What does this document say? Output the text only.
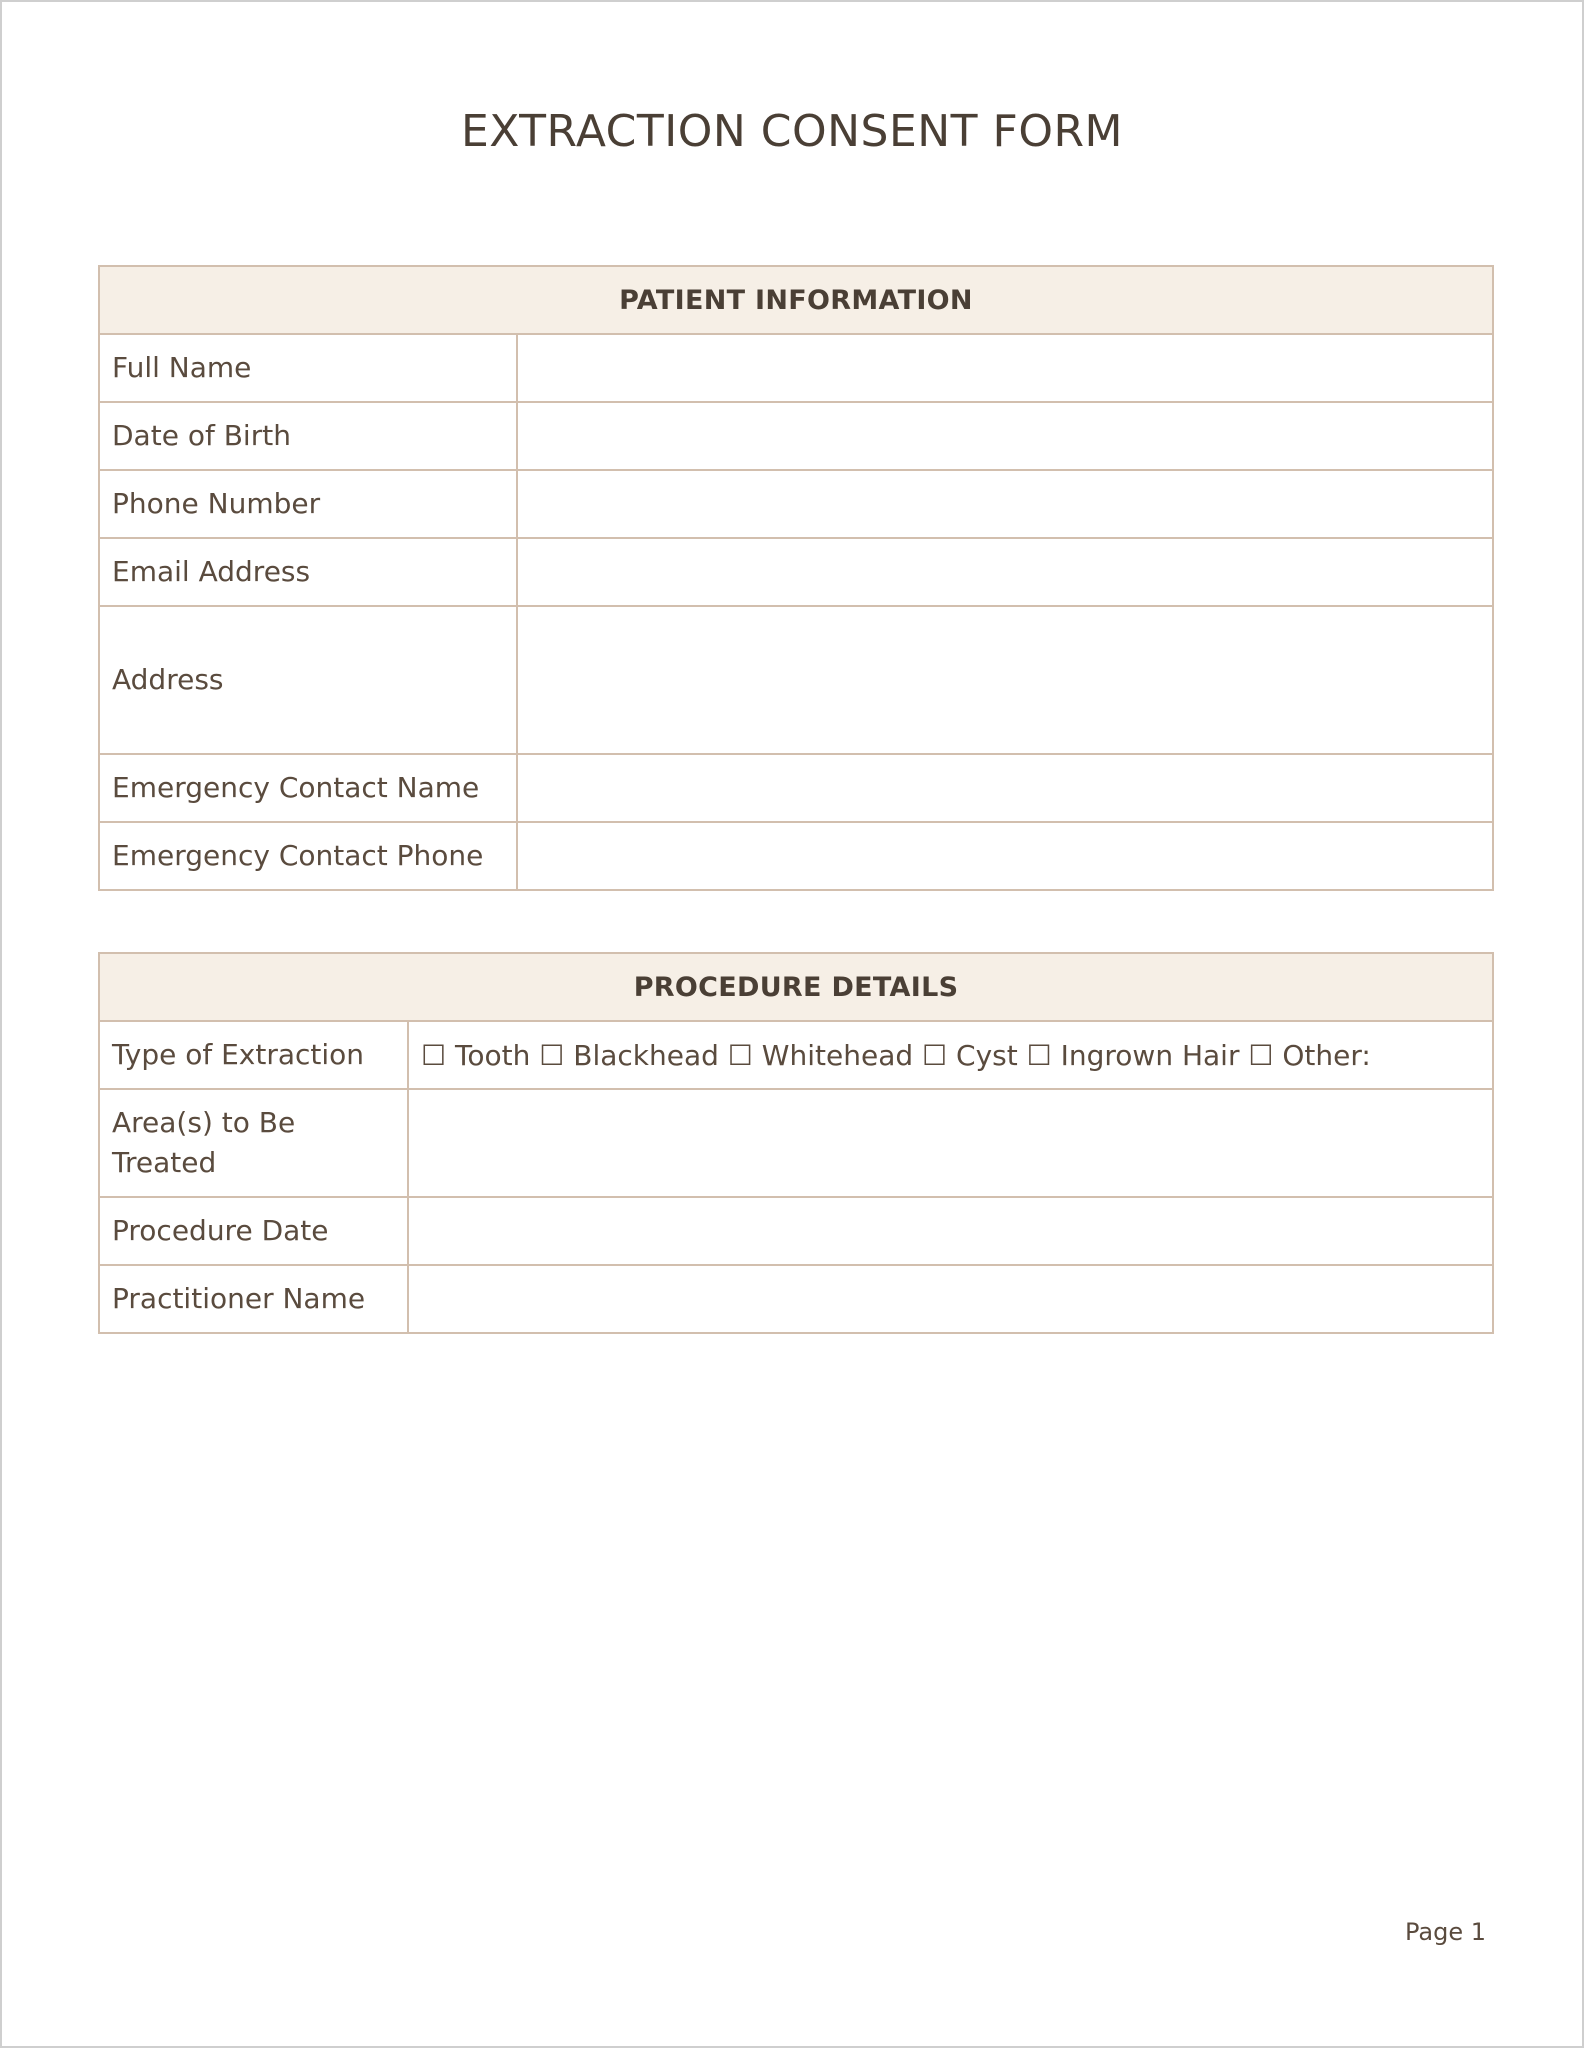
EXTRACTION CONSENT FORM
PATIENT INFORMATION	
Full Name	
Date of Birth	
Phone Number	
Email Address	
Address	
Emergency Contact Name	
Emergency Contact Phone	
PROCEDURE DETAILS	
Type of Extraction	☐ Tooth ☐ Blackhead ☐ Whitehead ☐ Cyst ☐ Ingrown Hair ☐ Other:
Area(s) to Be Treated	
Procedure Date	
Practitioner Name	
Page 1
